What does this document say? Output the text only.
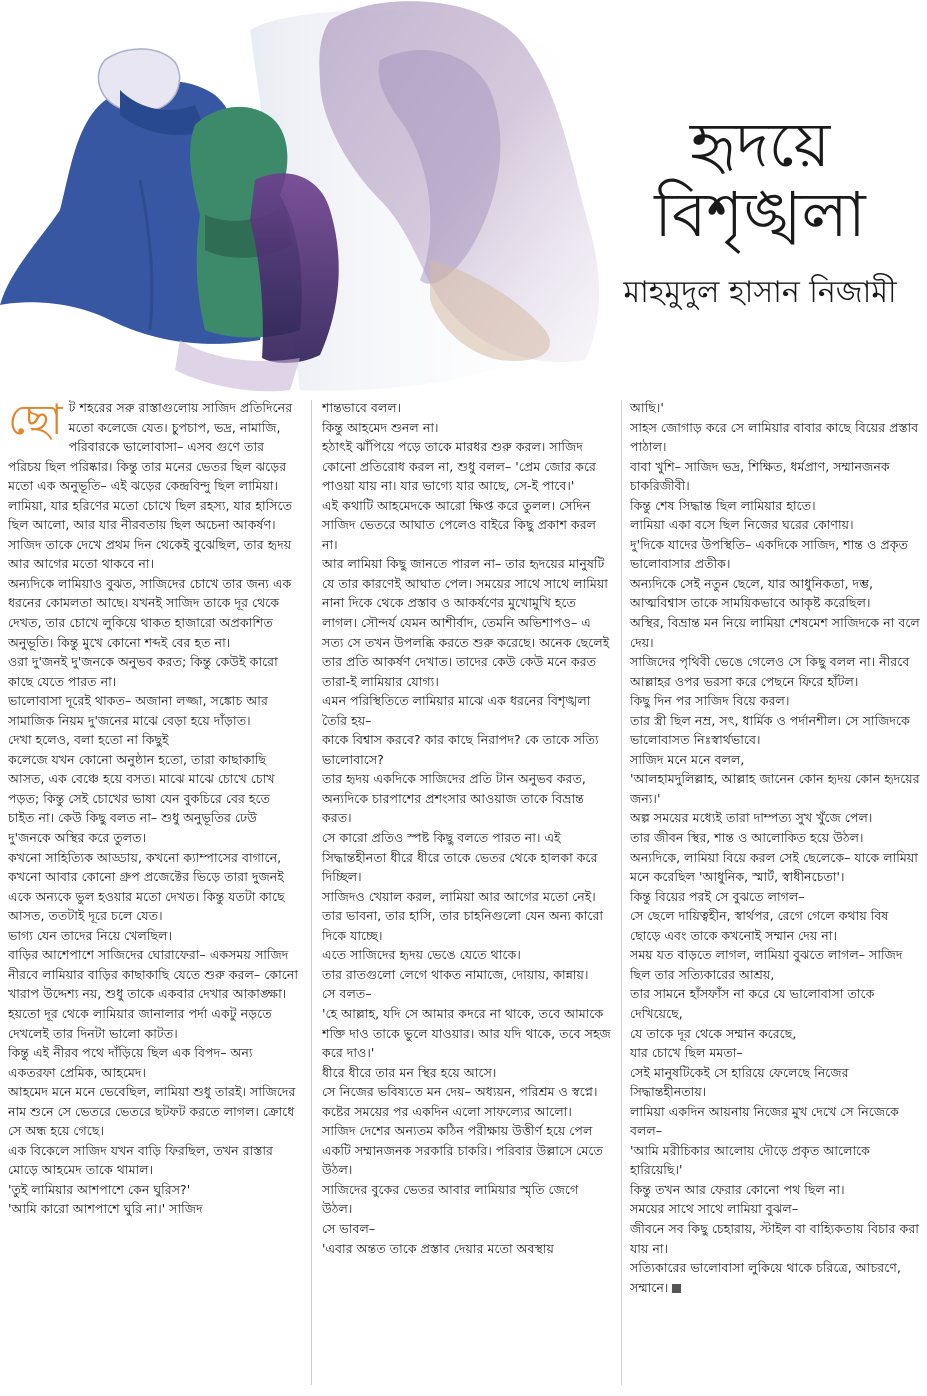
হৃদয়ে
বিশৃঙ্খলা
মাহমুদুল হাসান নিজামী
ছো ট শহরের সরু রাস্তাগুলোয় সাজিদ প্রতিদিনের মতো কলেজে যেত। চুপচাপ, ভদ্র, নামাজি, পরিবারকে ভালোবাসা– এসব গুণে তার পরিচয় ছিল পরিষ্কার। কিন্তু তার মনের ভেতর ছিল ঝড়ের মতো এক অনুভূতি– এই ঝড়ের কেন্দ্রবিন্দু ছিল লামিয়া।

লামিয়া, যার হরিণের মতো চোখে ছিল রহস্য, যার হাসিতে ছিল আলো, আর যার নীরবতায় ছিল অচেনা আকর্ষণ। সাজিদ তাকে দেখে প্রথম দিন থেকেই বুঝেছিল, তার হৃদয় আর আগের মতো থাকবে না।

অন্যদিকে লামিয়াও বুঝত, সাজিদের চোখে তার জন্য এক ধরনের কোমলতা আছে। যখনই সাজিদ তাকে দূর থেকে দেখত, তার চোখে লুকিয়ে থাকত হাজারো অপ্রকাশিত অনুভূতি। কিন্তু মুখে কোনো শব্দই বের হত না।

ওরা দু'জনই দু'জনকে অনুভব করত; কিন্তু কেউই কারো কাছে যেতে পারত না।

ভালোবাসা দূরেই থাকত– অজানা লজ্জা, সঙ্কোচ আর সামাজিক নিয়ম দু'জনের মাঝে বেড়া হয়ে দাঁড়াত।

দেখা হলেও, বলা হতো না কিছুই

কলেজে যখন কোনো অনুষ্ঠান হতো, তারা কাছাকাছি আসত, এক বেঞ্চে হয়ে বসত। মাঝে মাঝে চোখে চোখ পড়ত; কিন্তু সেই চোখের ভাষা যেন বুকচিরে বের হতে চাইত না। কেউ কিছু বলত না– শুধু অনুভূতির ঢেউ দু'জনকে অস্থির করে তুলত।

কখনো সাহিত্যিক আড্ডায়, কখনো ক্যাম্পাসের বাগানে, কখনো আবার কোনো গ্রুপ প্রজেক্টের ভিড়ে তারা দুজনই একে অন্যকে ভুল হওয়ার মতো দেখত। কিন্তু যতটা কাছে আসত, ততটাই দূরে চলে যেত।

ভাগ্য যেন তাদের নিয়ে খেলছিল।

বাড়ির আশেপাশে সাজিদের ঘোরাফেরা– একসময় সাজিদ নীরবে লামিয়ার বাড়ির কাছাকাছি যেতে শুরু করল– কোনো খারাপ উদ্দেশ্য নয়, শুধু তাকে একবার দেখার আকাঙ্ক্ষা। হয়তো দূর থেকে লামিয়ার জানালার পর্দা একটু নড়তে দেখলেই তার দিনটা ভালো কাটত।

কিন্তু এই নীরব পথে দাঁড়িয়ে ছিল এক বিপদ– অন্য একতরফা প্রেমিক, আহমেদ।

আহমেদ মনে মনে ভেবেছিল, লামিয়া শুধু তারই। সাজিদের নাম শুনে সে ভেতরে ভেতরে ছটফট করতে লাগল। ক্রোধে সে অন্ধ হয়ে গেছে।

এক বিকেলে সাজিদ যখন বাড়ি ফিরছিল, তখন রাস্তার মোড়ে আহমেদ তাকে থামাল।

'তুই লামিয়ার আশপাশে কেন ঘুরিস?'

'আমি কারো আশপাশে ঘুরি না।' সাজিদ

শান্তভাবে বলল।

কিন্তু আহমেদ শুনল না।

হঠাৎই ঝাঁপিয়ে পড়ে তাকে মারধর শুরু করল। সাজিদ কোনো প্রতিরোধ করল না, শুধু বলল– 'প্রেম জোর করে পাওয়া যায় না। যার ভাগ্যে যার আছে, সে-ই পাবে।'

এই কথাটি আহমেদকে আরো ক্ষিপ্ত করে তুলল। সেদিন সাজিদ ভেতরে আঘাত পেলেও বাইরে কিছু প্রকাশ করল না।

আর লামিয়া কিছু জানতে পারল না– তার হৃদয়ের মানুষটি যে তার কারণেই আঘাত পেল। সময়ের সাথে সাথে লামিয়া নানা দিকে থেকে প্রস্তাব ও আকর্ষণের মুখোমুখি হতে লাগল। সৌন্দর্য যেমন আশীর্বাদ, তেমনি অভিশাপও– এ সত্য সে তখন উপলব্ধি করতে শুরু করেছে। অনেক ছেলেই তার প্রতি আকর্ষণ দেখাত। তাদের কেউ কেউ মনে করত তারা-ই লামিয়ার যোগ্য।

এমন পরিস্থিতিতে লামিয়ার মাঝে এক ধরনের বিশৃঙ্খলা তৈরি হয়–

কাকে বিশ্বাস করবে? কার কাছে নিরাপদ? কে তাকে সত্যি ভালোবাসে?

তার হৃদয় একদিকে সাজিদের প্রতি টান অনুভব করত, অন্যদিকে চারপাশের প্রশংসার আওয়াজ তাকে বিভ্রান্ত করত।

সে কারো প্রতিও স্পষ্ট কিছু বলতে পারত না। এই সিদ্ধান্তহীনতা ধীরে ধীরে তাকে ভেতর থেকে হালকা করে দিচ্ছিল।

সাজিদও খেয়াল করল, লামিয়া আর আগের মতো নেই।

তার ভাবনা, তার হাসি, তার চাহনিগুলো যেন অন্য কারো দিকে যাচ্ছে।

এতে সাজিদের হৃদয় ভেঙে যেতে থাকে।

তার রাতগুলো লেগে থাকত নামাজে, দোয়ায়, কান্নায়।

সে বলত–

'হে আল্লাহ, যদি সে আমার কদরে না থাকে, তবে আমাকে শক্তি দাও তাকে ভুলে যাওয়ার। আর যদি থাকে, তবে সহজ করে দাও।'

ধীরে ধীরে তার মন স্থির হয়ে আসে।

সে নিজের ভবিষ্যতে মন দেয়– অধ্যয়ন, পরিশ্রম ও স্বপ্নে।

কষ্টের সময়ের পর একদিন এলো সাফল্যের আলো।

সাজিদ দেশের অন্যতম কঠিন পরীক্ষায় উত্তীর্ণ হয়ে পেল একটি সম্মানজনক সরকারি চাকরি। পরিবার উল্লাসে মেতে উঠল।

সাজিদের বুকের ভেতর আবার লামিয়ার স্মৃতি জেগে উঠল।

সে ভাবল–

'এবার অন্তত তাকে প্রস্তাব দেয়ার মতো অবস্থায়

আছি।'

সাহস জোগাড় করে সে লামিয়ার বাবার কাছে বিয়ের প্রস্তাব পাঠাল।

বাবা খুশি– সাজিদ ভদ্র, শিক্ষিত, ধর্মপ্রাণ, সম্মানজনক চাকরিজীবী।

কিন্তু শেষ সিদ্ধান্ত ছিল লামিয়ার হাতে।

লামিয়া একা বসে ছিল নিজের ঘরের কোণায়।

দু'দিকে যাদের উপস্থিতি– একদিকে সাজিদ, শান্ত ও প্রকৃত ভালোবাসার প্রতীক।

অন্যদিকে সেই নতুন ছেলে, যার আধুনিকতা, দম্ভ, আত্মবিশ্বাস তাকে সাময়িকভাবে আকৃষ্ট করেছিল।

অস্থির, বিভ্রান্ত মন নিয়ে লামিয়া শেষমেশ সাজিদকে না বলে দেয়।

সাজিদের পৃথিবী ভেঙে গেলেও সে কিছু বলল না। নীরবে আল্লাহর ওপর ভরসা করে পেছনে ফিরে হাঁটল।

কিছু দিন পর সাজিদ বিয়ে করল।

তার স্ত্রী ছিল নম্র, সৎ, ধার্মিক ও পর্দানশীল। সে সাজিদকে ভালোবাসত নিঃস্বার্থভাবে।

সাজিদ মনে মনে বলল,

'আলহামদুলিল্লাহ, আল্লাহ জানেন কোন হৃদয় কোন হৃদয়ের জন্য।'

অল্প সময়ের মধ্যেই তারা দাম্পত্য সুখ খুঁজে পেল।

তার জীবন স্থির, শান্ত ও আলোকিত হয়ে উঠল।

অন্যদিকে, লামিয়া বিয়ে করল সেই ছেলেকে– যাকে লামিয়া মনে করেছিল 'আধুনিক, স্মার্ট, স্বাধীনচেতা'।

কিন্তু বিয়ের পরই সে বুঝতে লাগল–

সে ছেলে দায়িত্বহীন, স্বার্থপর, রেগে গেলে কথায় বিষ ছোড়ে এবং তাকে কখনোই সম্মান দেয় না।

সময় যত বাড়তে লাগল, লামিয়া বুঝতে লাগল– সাজিদ ছিল তার সত্যিকারের আশ্রয়,

তার সামনে হাঁসফাঁস না করে যে ভালোবাসা তাকে দেখিয়েছে,

যে তাকে দূর থেকে সম্মান করেছে,

যার চোখে ছিল মমতা–

সেই মানুষটিকেই সে হারিয়ে ফেলেছে নিজের সিদ্ধান্তহীনতায়।

লামিয়া একদিন আয়নায় নিজের মুখ দেখে সে নিজেকে বলল–

'আমি মরীচিকার আলোয় দৌড়ে প্রকৃত আলোকে হারিয়েছি।'

কিন্তু তখন আর ফেরার কোনো পথ ছিল না।

সময়ের সাথে সাথে লামিয়া বুঝল–

জীবনে সব কিছু চেহারায়, স্টাইল বা বাহ্যিকতায় বিচার করা যায় না।

সত্যিকারের ভালোবাসা লুকিয়ে থাকে চরিত্রে, আচরণে, সম্মানে।
